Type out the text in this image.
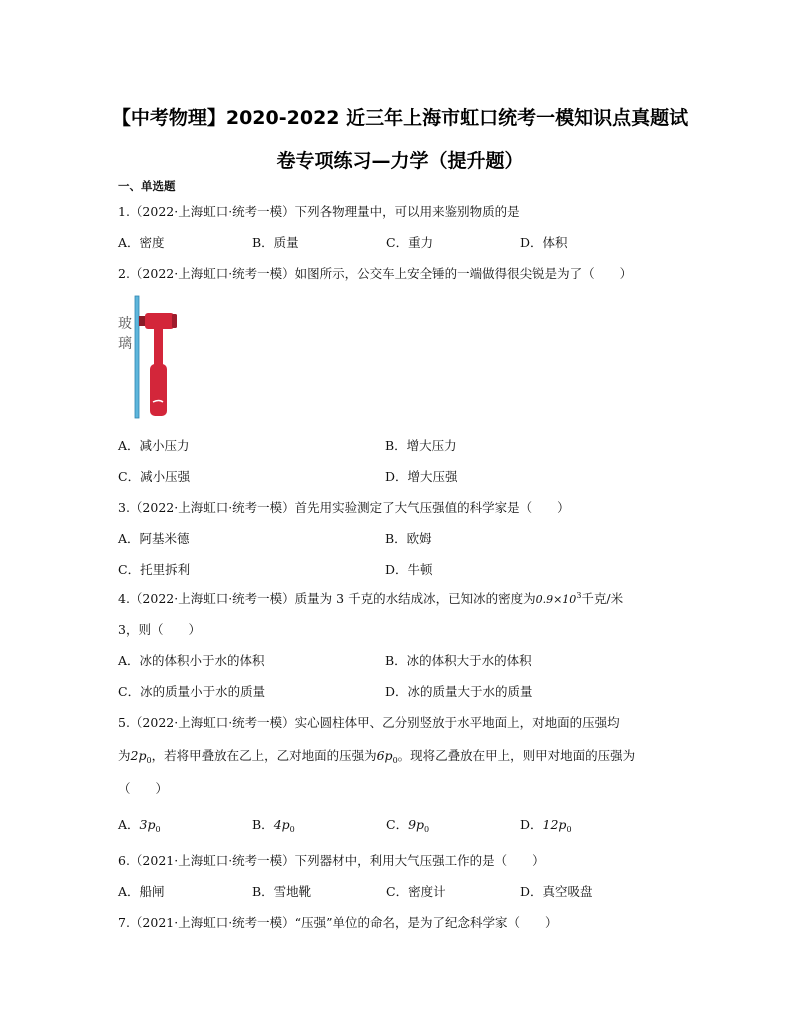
【中考物理】2020-2022 近三年上海市虹口统考一模知识点真题试
卷专项练习—力学（提升题）
一、单选题
1.（2022·上海虹口·统考一模）下列各物理量中，可以用来鉴别物质的是
A．密度	B．质量	C．重力	D．体积
2.（2022·上海虹口·统考一模）如图所示，公交车上安全锤的一端做得很尖锐是为了（　　）
玻璃
A．减小压力	B．增大压力
C．减小压强	D．增大压强
3.（2022·上海虹口·统考一模）首先用实验测定了大气压强值的科学家是（　　）
A．阿基米德	B．欧姆
C．托里拆利	D．牛顿
4.（2022·上海虹口·统考一模）质量为 3 千克的水结成冰，已知冰的密度为$0.9\times 10^3$千克/米
3，则（　　）
A．冰的体积小于水的体积	B．冰的体积大于水的体积
C．冰的质量小于水的质量	D．冰的质量大于水的质量
5.（2022·上海虹口·统考一模）实心圆柱体甲、乙分别竖放于水平地面上，对地面的压强均
为$2p_0$，若将甲叠放在乙上，乙对地面的压强为$6p_0$。现将乙叠放在甲上，则甲对地面的压强为
（　　）
A．$3p_0$	B．$4p_0$	C．$9p_0$	D．$12p_0$
6.（2021·上海虹口·统考一模）下列器材中，利用大气压强工作的是（　　）
A．船闸	B．雪地靴	C．密度计	D．真空吸盘
7.（2021·上海虹口·统考一模）“压强”单位的命名，是为了纪念科学家（　　）
